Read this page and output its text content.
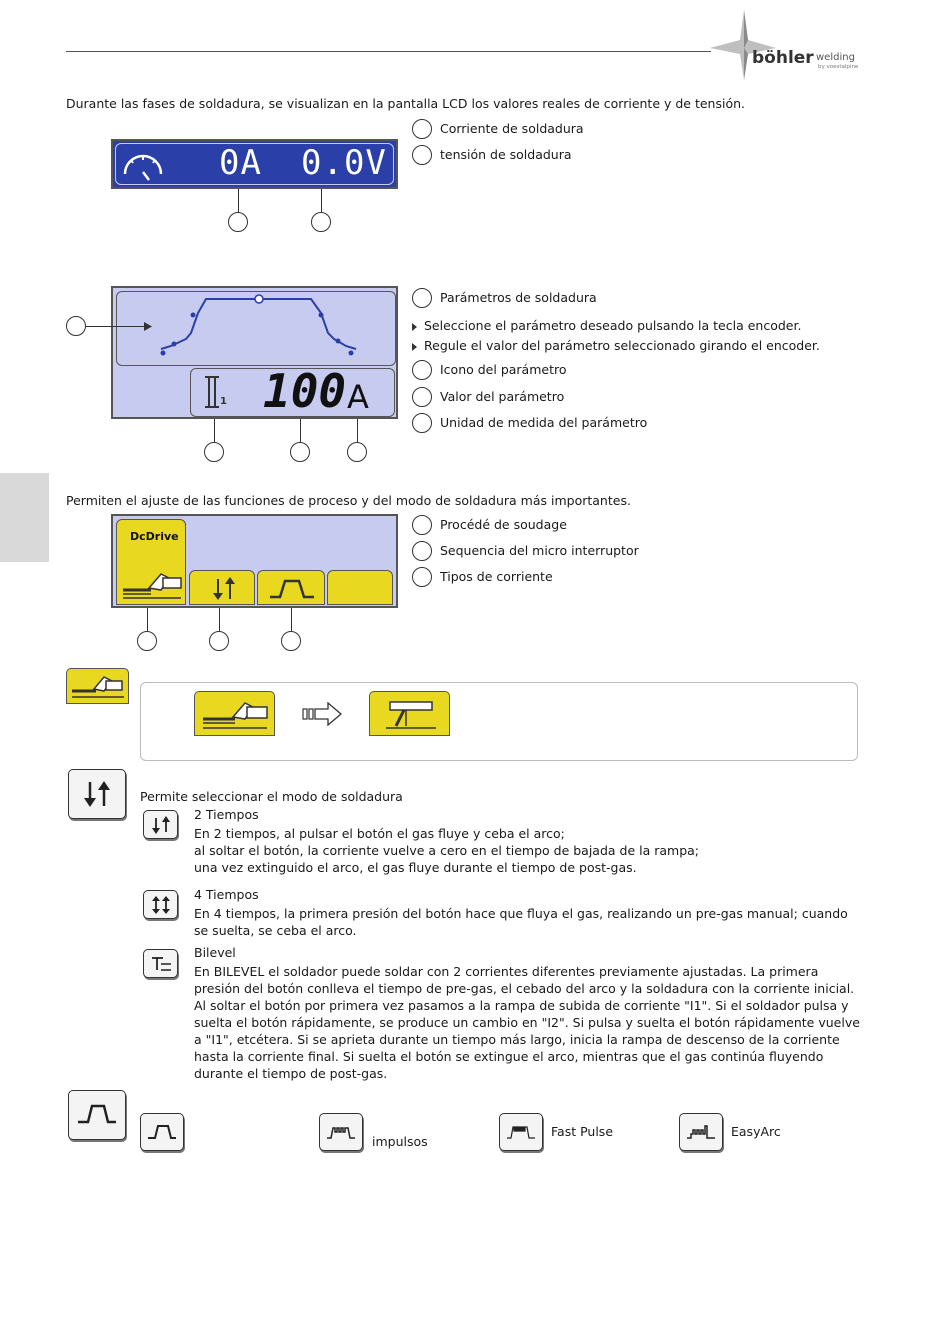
böhler welding
by voestalpine
Durante las fases de soldadura, se visualizan en la pantalla LCD los valores reales de corriente y de tensión.
0A 0.0V
Corriente de soldadura
tensión de soldadura
1 100 A
Parámetros de soldadura
Seleccione el parámetro deseado pulsando la tecla encoder.
Regule el valor del parámetro seleccionado girando el encoder.
Icono del parámetro
Valor del parámetro
Unidad de medida del parámetro
Permiten el ajuste de las funciones de proceso y del modo de soldadura más importantes.
DcDrive
Procédé de soudage
Sequencia del micro interruptor
Tipos de corriente
Permite seleccionar el modo de soldadura
2 Tiempos
En 2 tiempos, al pulsar el botón el gas fluye y ceba el arco;
al soltar el botón, la corriente vuelve a cero en el tiempo de bajada de la rampa;
una vez extinguido el arco, el gas fluye durante el tiempo de post-gas.
4 Tiempos
En 4 tiempos, la primera presión del botón hace que fluya el gas, realizando un pre-gas manual; cuando
se suelta, se ceba el arco.
Bilevel
En BILEVEL el soldador puede soldar con 2 corrientes diferentes previamente ajustadas. La primera
presión del botón conlleva el tiempo de pre-gas, el cebado del arco y la soldadura con la corriente inicial.
Al soltar el botón por primera vez pasamos a la rampa de subida de corriente "I1". Si el soldador pulsa y
suelta el botón rápidamente, se produce un cambio en "I2". Si pulsa y suelta el botón rápidamente vuelve
a "I1", etcétera. Si se aprieta durante un tiempo más largo, inicia la rampa de descenso de la corriente
hasta la corriente final. Si suelta el botón se extingue el arco, mientras que el gas continúa fluyendo
durante el tiempo de post-gas.
impulsos
Fast Pulse	EasyArc
